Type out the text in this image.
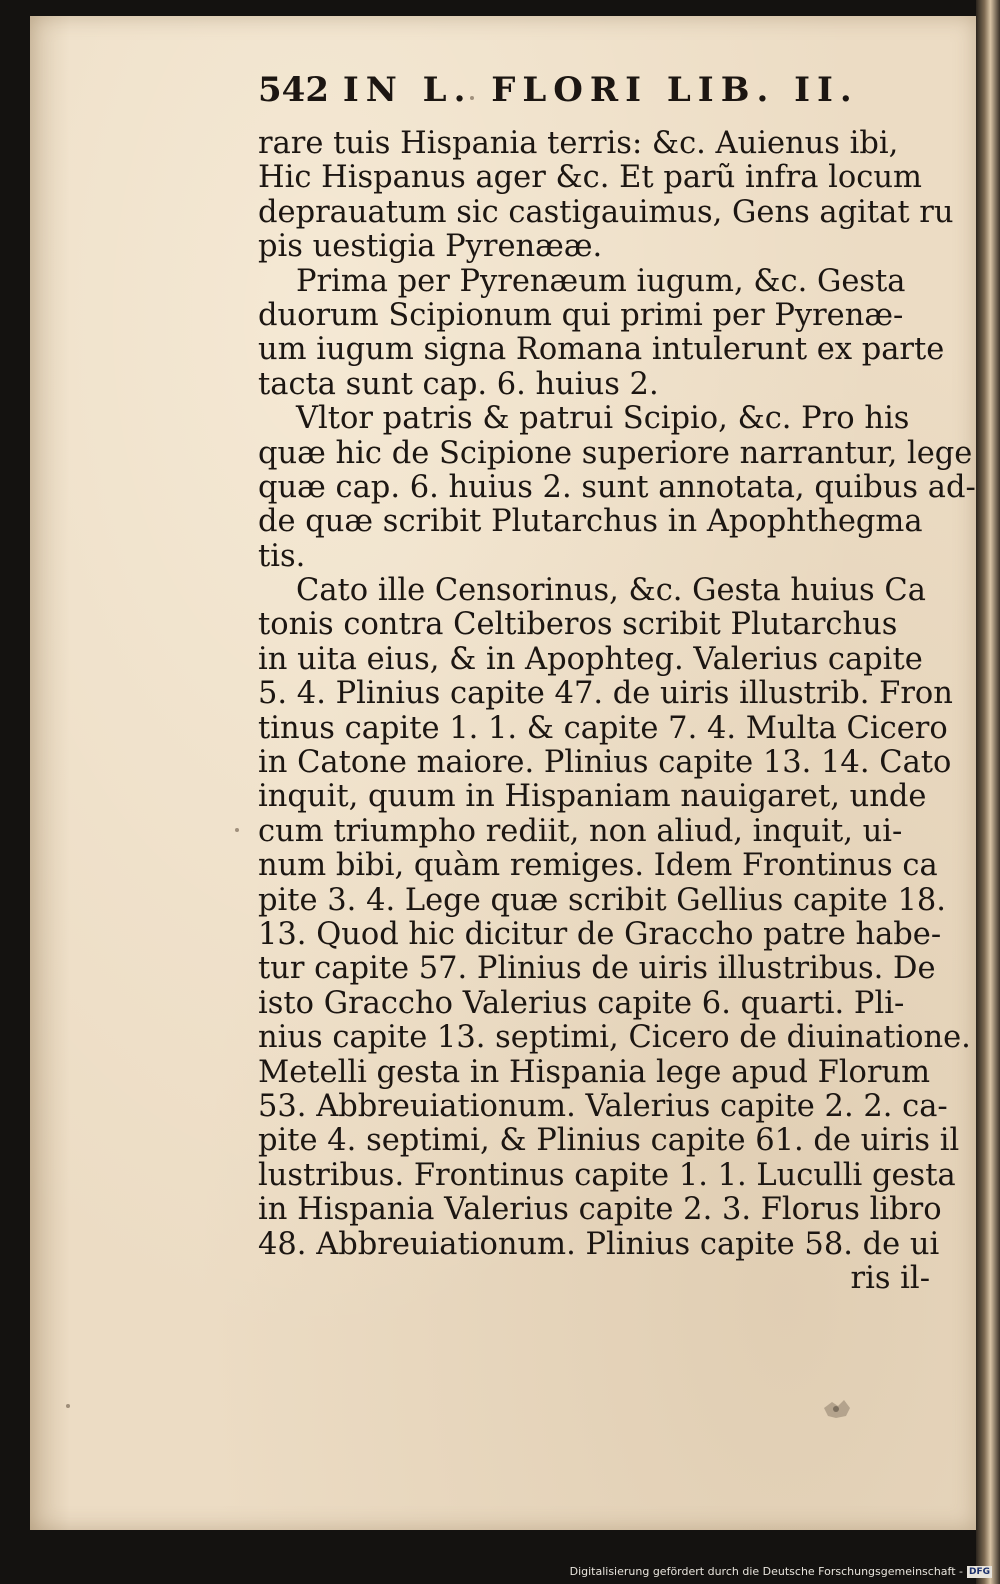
542 IN L. FLORI LIB. II.
rare tuis Hispania terris: &c. Auienus ibi,
Hic Hispanus ager &c. Et parũ infra locum
deprauatum sic castigauimus, Gens agitat ru
pis uestigia Pyrenææ.
Prima per Pyrenæum iugum, &c. Gesta
duorum Scipionum qui primi per Pyrenæ-
um iugum signa Romana intulerunt ex parte
tacta sunt cap. 6. huius 2.
Vltor patris & patrui Scipio, &c. Pro his
quæ hic de Scipione superiore narrantur, lege
quæ cap. 6. huius 2. sunt annotata, quibus ad-
de quæ scribit Plutarchus in Apophthegma
tis.
Cato ille Censorinus, &c. Gesta huius Ca
tonis contra Celtiberos scribit Plutarchus
in uita eius, & in Apophteg. Valerius capite
5. 4. Plinius capite 47. de uiris illustrib. Fron
tinus capite 1. 1. & capite 7. 4. Multa Cicero
in Catone maiore. Plinius capite 13. 14. Cato
inquit, quum in Hispaniam nauigaret, unde
cum triumpho rediit, non aliud, inquit, ui-
num bibi, quàm remiges. Idem Frontinus ca
pite 3. 4. Lege quæ scribit Gellius capite 18.
13. Quod hic dicitur de Graccho patre habe-
tur capite 57. Plinius de uiris illustribus. De
isto Graccho Valerius capite 6. quarti. Pli-
nius capite 13. septimi, Cicero de diuinatione.
Metelli gesta in Hispania lege apud Florum
53. Abbreuiationum. Valerius capite 2. 2. ca-
pite 4. septimi, & Plinius capite 61. de uiris il
lustribus. Frontinus capite 1. 1. Luculli gesta
in Hispania Valerius capite 2. 3. Florus libro
48. Abbreuiationum. Plinius capite 58. de ui
ris il-
Digitalisierung gefördert durch die Deutsche Forschungsgemeinschaft - DFG
